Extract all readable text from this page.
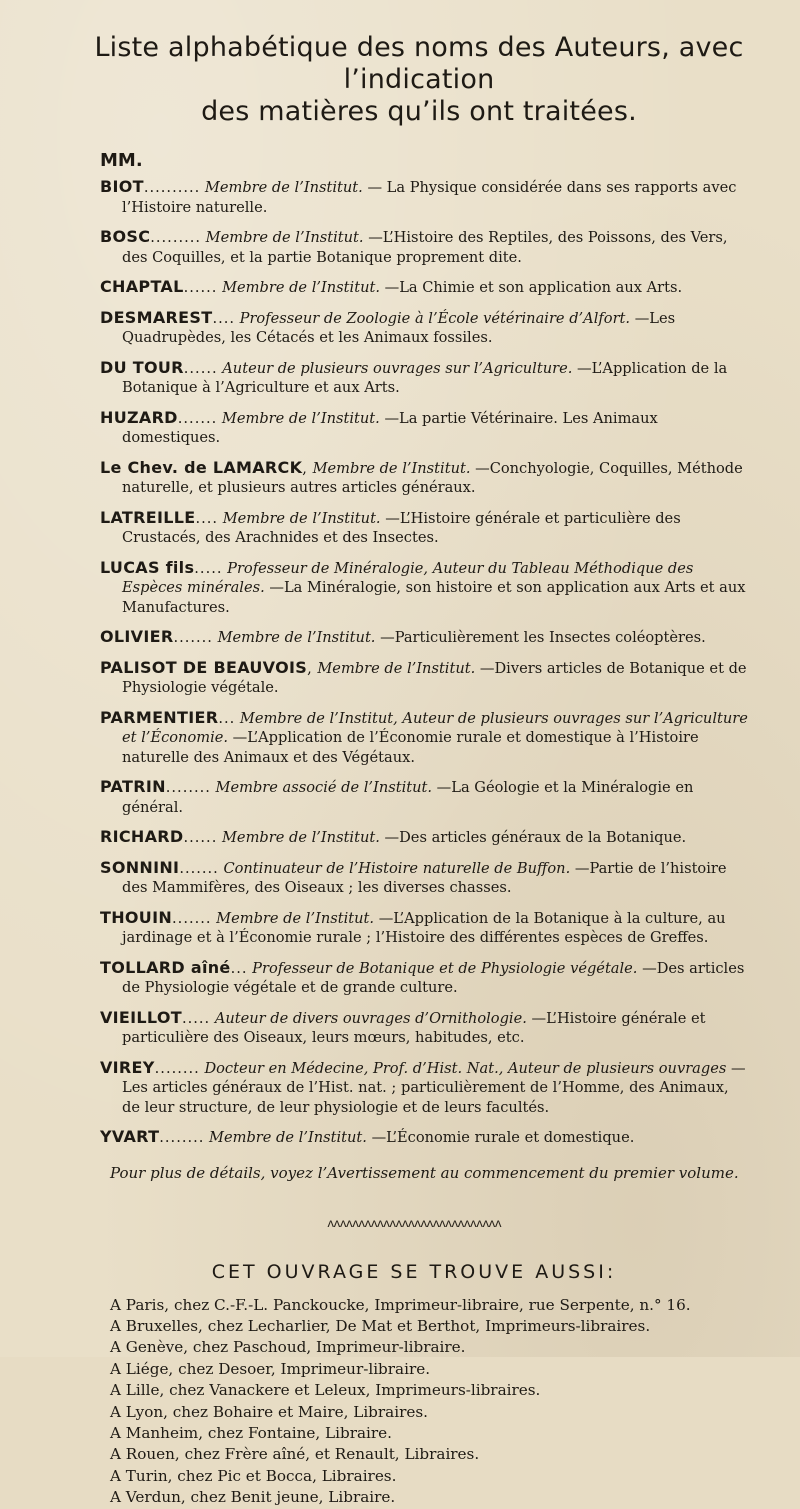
Liste alphabétique des noms des Auteurs, avec l’indication
des matières qu’ils ont traitées.
MM.
BIOT.......... Membre de l’Institut. — La Physique considérée dans ses rapports avec l’Histoire naturelle.
BOSC......... Membre de l’Institut. —L’Histoire des Reptiles, des Poissons, des Vers, des Coquilles, et la partie Botanique proprement dite.
CHAPTAL...... Membre de l’Institut. —La Chimie et son application aux Arts.
DESMAREST.... Professeur de Zoologie à l’École vétérinaire d’Alfort. —Les Quadrupèdes, les Cétacés et les Animaux fossiles.
DU TOUR...... Auteur de plusieurs ouvrages sur l’Agriculture. —L’Application de la Botanique à l’Agriculture et aux Arts.
HUZARD....... Membre de l’Institut. —La partie Vétérinaire. Les Animaux domestiques.
Le Chev. de LAMARCK, Membre de l’Institut. —Conchyologie, Coquilles, Méthode naturelle, et plusieurs autres articles généraux.
LATREILLE.... Membre de l’Institut. —L’Histoire générale et particulière des Crustacés, des Arachnides et des Insectes.
LUCAS fils..... Professeur de Minéralogie, Auteur du Tableau Méthodique des Espèces minérales. —La Minéralogie, son histoire et son application aux Arts et aux Manufactures.
OLIVIER....... Membre de l’Institut. —Particulièrement les Insectes coléoptères.
PALISOT DE BEAUVOIS, Membre de l’Institut. —Divers articles de Botanique et de Physiologie végétale.
PARMENTIER... Membre de l’Institut, Auteur de plusieurs ouvrages sur l’Agriculture et l’Économie. —L’Application de l’Économie rurale et domestique à l’Histoire naturelle des Animaux et des Végétaux.
PATRIN........ Membre associé de l’Institut. —La Géologie et la Minéralogie en général.
RICHARD...... Membre de l’Institut. —Des articles généraux de la Botanique.
SONNINI....... Continuateur de l’Histoire naturelle de Buffon. —Partie de l’histoire des Mammifères, des Oiseaux ; les diverses chasses.
THOUIN....... Membre de l’Institut. —L’Application de la Botanique à la culture, au jardinage et à l’Économie rurale ; l’Histoire des différentes espèces de Greffes.
TOLLARD aîné... Professeur de Botanique et de Physiologie végétale. —Des articles de Physiologie végétale et de grande culture.
VIEILLOT..... Auteur de divers ouvrages d’Ornithologie. —L’Histoire générale et particulière des Oiseaux, leurs mœurs, habitudes, etc.
VIREY........ Docteur en Médecine, Prof. d’Hist. Nat., Auteur de plusieurs ouvrages —Les articles généraux de l’Hist. nat. ; particulièrement de l’Homme, des Animaux, de leur structure, de leur physiologie et de leurs facultés.
YVART........ Membre de l’Institut. —L’Économie rurale et domestique.
Pour plus de détails, voyez l’Avertissement au commencement du premier volume.
ᴧᴧᴧᴧᴧᴧᴧᴧᴧᴧᴧᴧᴧᴧᴧᴧᴧᴧᴧᴧᴧᴧᴧᴧᴧᴧᴧᴧ
CET OUVRAGE SE TROUVE AUSSI:
A Paris, chez C.-F.-L. Panckoucke, Imprimeur-libraire, rue Serpente, n.° 16.
A Bruxelles, chez Lecharlier, De Mat et Berthot, Imprimeurs-libraires.
A Genève, chez Paschoud, Imprimeur-libraire.
A Liége, chez Desoer, Imprimeur-libraire.
A Lille, chez Vanackere et Leleux, Imprimeurs-libraires.
A Lyon, chez Bohaire et Maire, Libraires.
A Manheim, chez Fontaine, Libraire.
A Rouen, chez Frère aîné, et Renault, Libraires.
A Turin, chez Pic et Bocca, Libraires.
A Verdun, chez Benit jeune, Libraire.
